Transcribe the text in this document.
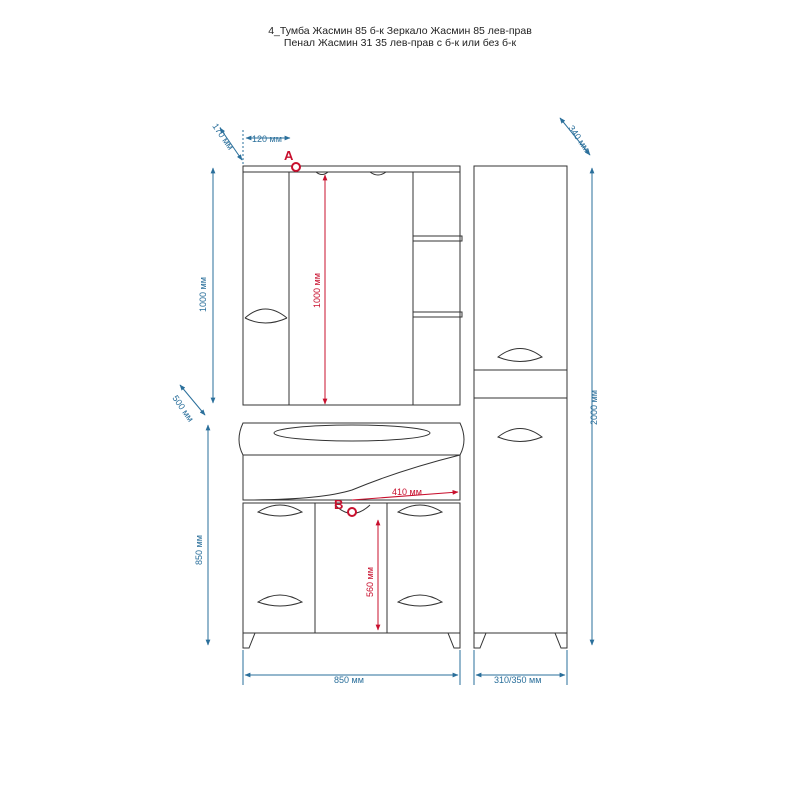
4_Тумба Жасмин 85 б-к Зеркало Жасмин 85 лев-прав
Пенал Жасмин 31 35 лев-прав с б-к или без б-к
A
B
170 мм 120 мм
1000 мм	1000 мм
500 мм
850 мм
410 мм
560 мм
850 мм
340 мм
2000 мм
310/350 мм
